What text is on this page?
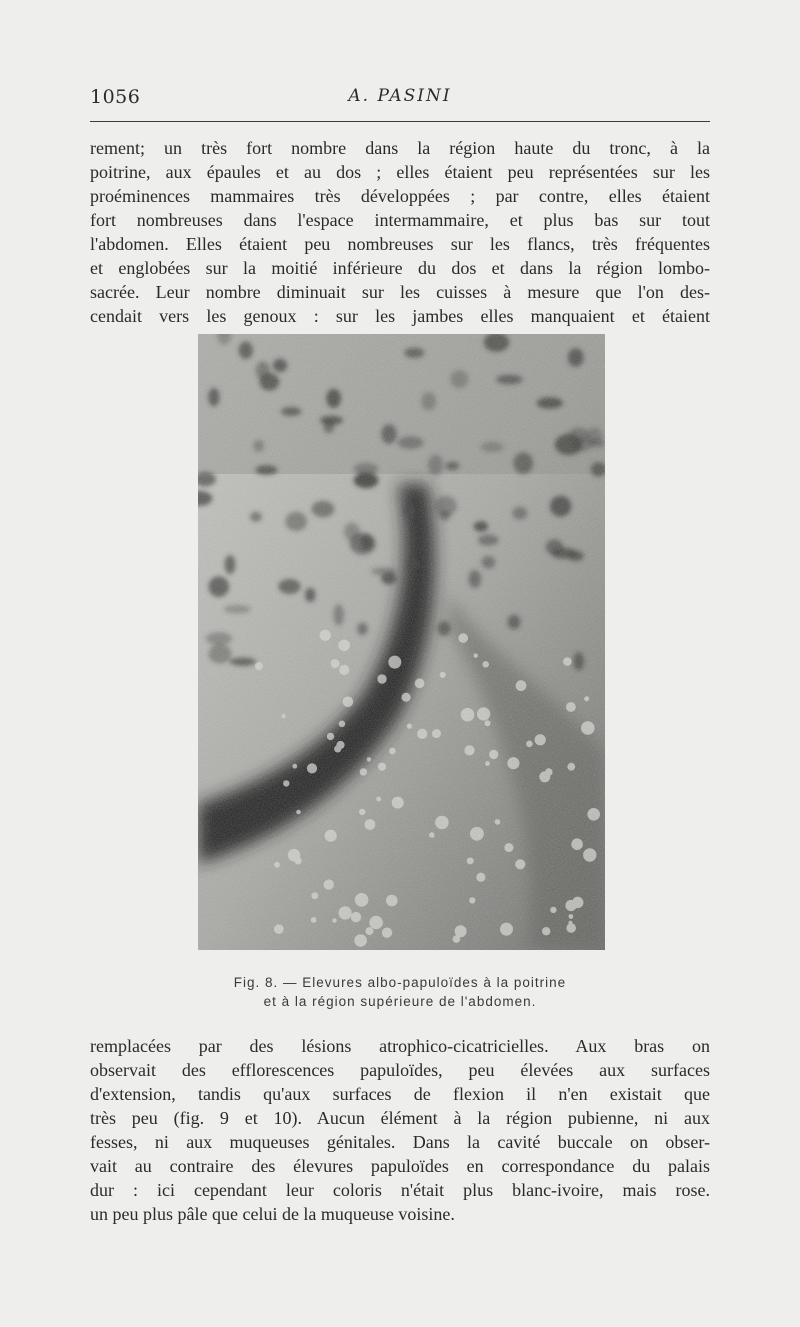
1056	A. PASINI

rement; un très fort nombre dans la région haute du tronc, à la
poitrine, aux épaules et au dos ; elles étaient peu représentées sur les
proéminences mammaires très développées ; par contre, elles étaient
fort nombreuses dans l'espace intermammaire, et plus bas sur tout
l'abdomen. Elles étaient peu nombreuses sur les flancs, très fréquentes
et englobées sur la moitié inférieure du dos et dans la région lombo-
sacrée. Leur nombre diminuait sur les cuisses à mesure que l'on des-
cendait vers les genoux : sur les jambes elles manquaient et étaient

Fig. 8. — Elevures albo-papuloïdes à la poitrine
et à la région supérieure de l'abdomen.

remplacées par des lésions atrophico-cicatricielles. Aux bras on
observait des efflorescences papuloïdes, peu élevées aux surfaces
d'extension, tandis qu'aux surfaces de flexion il n'en existait que
très peu (fig. 9 et 10). Aucun élément à la région pubienne, ni aux
fesses, ni aux muqueuses génitales. Dans la cavité buccale on obser-
vait au contraire des élevures papuloïdes en correspondance du palais
dur : ici cependant leur coloris n'était plus blanc-ivoire, mais rose.
un peu plus pâle que celui de la muqueuse voisine.
